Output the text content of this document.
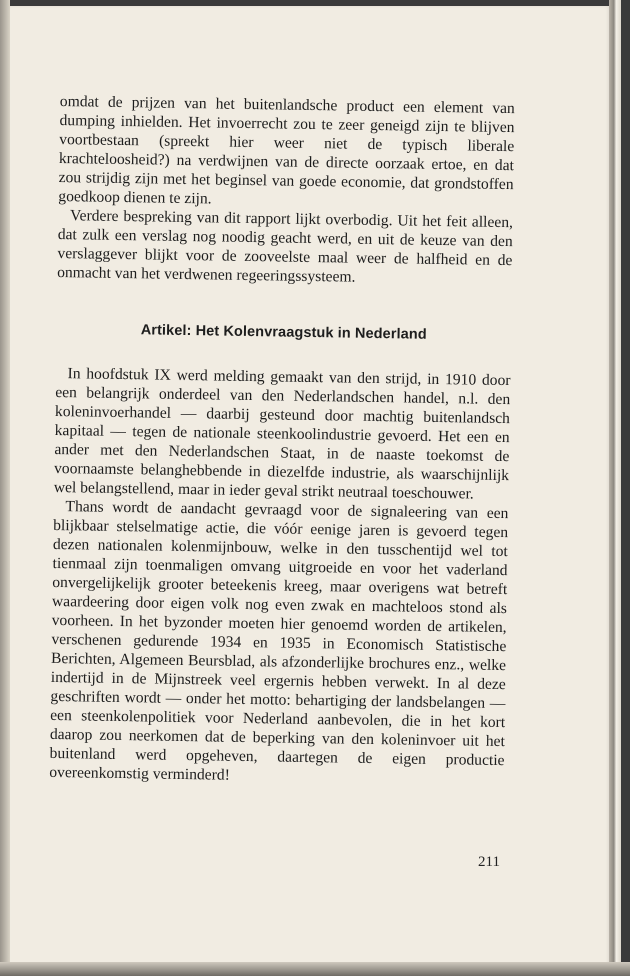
omdat de prijzen van het buitenlandsche product een element van dumping inhielden. Het invoerrecht zou te zeer geneigd zijn te blijven voortbestaan (spreekt hier weer niet de typisch liberale krachteloosheid?) na verdwijnen van de directe oorzaak ertoe, en dat zou strijdig zijn met het beginsel van goede economie, dat grondstoffen goedkoop dienen te zijn.

Verdere bespreking van dit rapport lijkt overbodig. Uit het feit alleen, dat zulk een verslag nog noodig geacht werd, en uit de keuze van den verslaggever blijkt voor de zooveelste maal weer de halfheid en de onmacht van het verdwenen regeeringssysteem.

Artikel: Het Kolenvraagstuk in Nederland

In hoofdstuk IX werd melding gemaakt van den strijd, in 1910 door een belangrijk onderdeel van den Nederlandschen handel, n.l. den koleninvoerhandel — daarbij gesteund door machtig buitenlandsch kapitaal — tegen de nationale steenkoolindustrie gevoerd. Het een en ander met den Nederlandschen Staat, in de naaste toekomst de voornaamste belanghebbende in diezelfde industrie, als waarschijnlijk wel belangstellend, maar in ieder geval strikt neutraal toeschouwer.

Thans wordt de aandacht gevraagd voor de signaleering van een blijkbaar stelselmatige actie, die vóór eenige jaren is gevoerd tegen dezen nationalen kolenmijnbouw, welke in den tusschentijd wel tot tienmaal zijn toenmaligen omvang uitgroeide en voor het vaderland onvergelijkelijk grooter beteekenis kreeg, maar overigens wat betreft waardeering door eigen volk nog even zwak en machteloos stond als voorheen. In het byzonder moeten hier genoemd worden de artikelen, verschenen gedurende 1934 en 1935 in Economisch Statistische Berichten, Algemeen Beursblad, als afzonderlijke brochures enz., welke indertijd in de Mijnstreek veel ergernis hebben verwekt. In al deze geschriften wordt — onder het motto: behartiging der landsbelangen — een steenkolenpolitiek voor Nederland aanbevolen, die in het kort daarop zou neerkomen dat de beperking van den koleninvoer uit het buitenland werd opgeheven, daartegen de eigen productie overeenkomstig verminderd!

211
